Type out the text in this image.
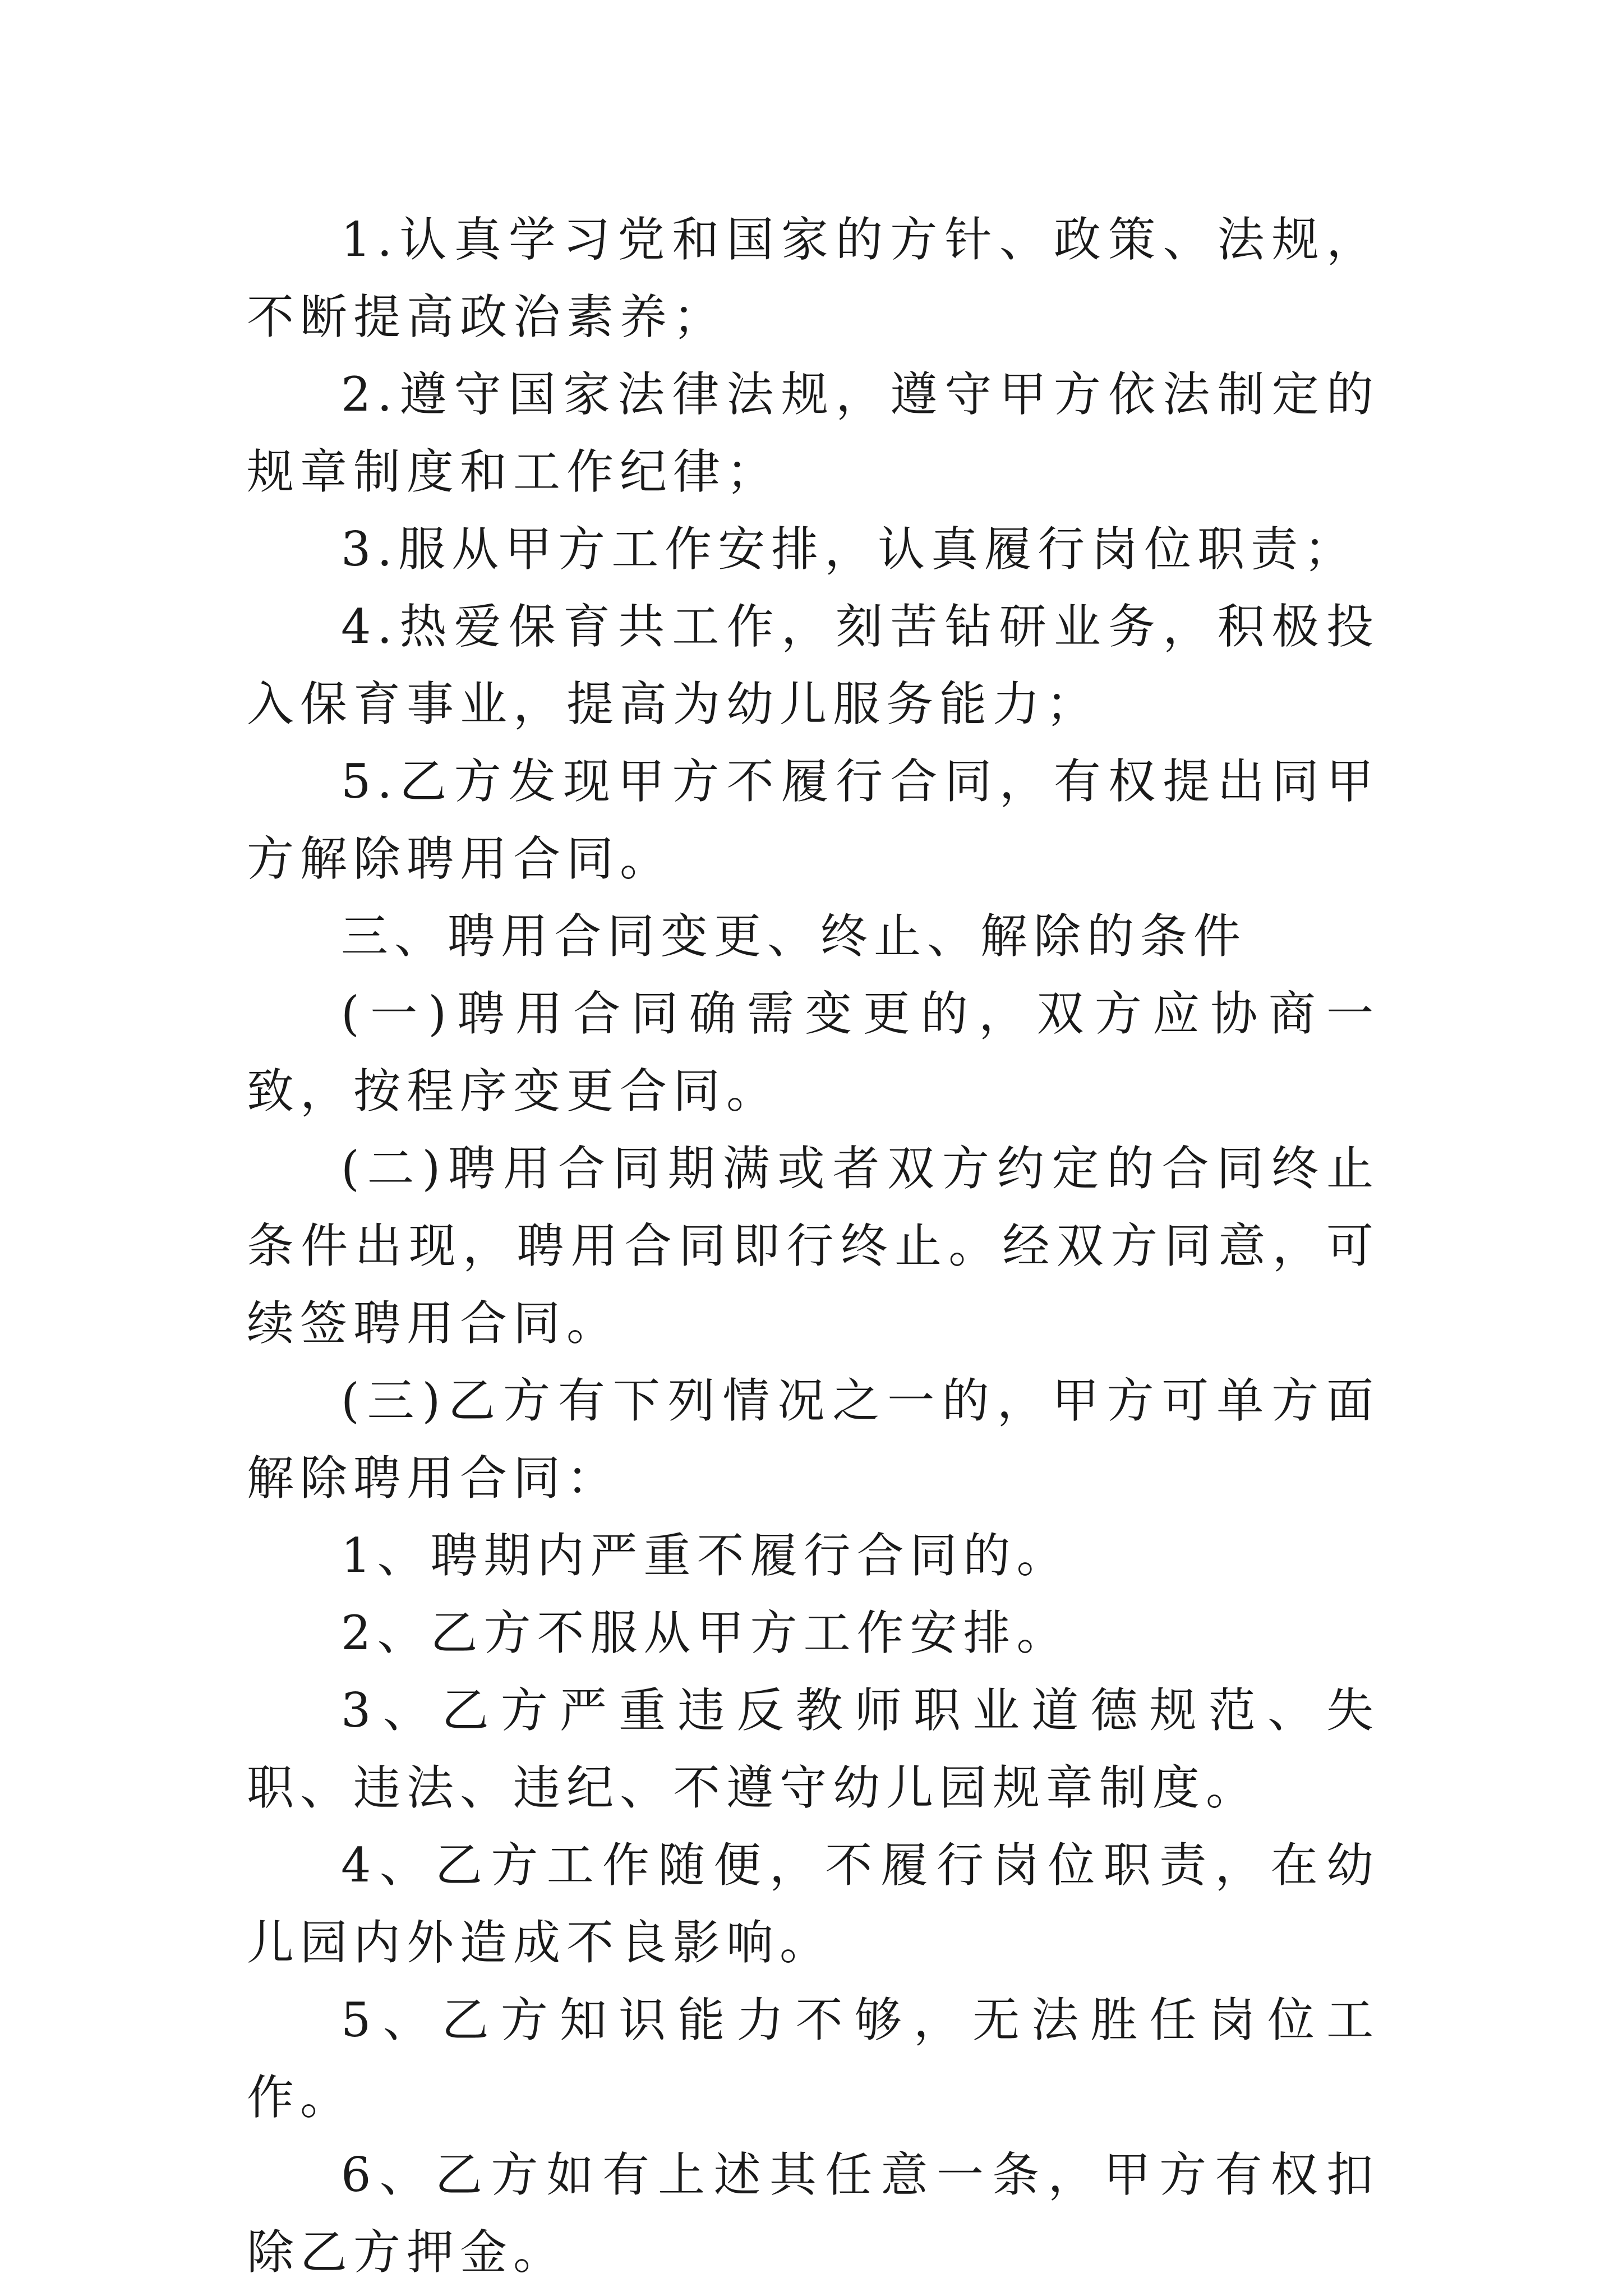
1.认真学习党和国家的方针、政策、法规，不断提高政治素养；

2.遵守国家法律法规，遵守甲方依法制定的规章制度和工作纪律；

3.服从甲方工作安排，认真履行岗位职责；

4.热爱保育共工作，刻苦钻研业务，积极投入保育事业，提高为幼儿服务能力；

5.乙方发现甲方不履行合同，有权提出同甲方解除聘用合同。

三、聘用合同变更、终止、解除的条件

(一)聘用合同确需变更的，双方应协商一致，按程序变更合同。

(二)聘用合同期满或者双方约定的合同终止条件出现，聘用合同即行终止。经双方同意，可续签聘用合同。

(三)乙方有下列情况之一的，甲方可单方面解除聘用合同：

1、聘期内严重不履行合同的。

2、乙方不服从甲方工作安排。

3、乙方严重违反教师职业道德规范、失职、违法、违纪、不遵守幼儿园规章制度。

4、乙方工作随便，不履行岗位职责，在幼儿园内外造成不良影响。

5、乙方知识能力不够，无法胜任岗位工作。

6、乙方如有上述其任意一条，甲方有权扣除乙方押金。
